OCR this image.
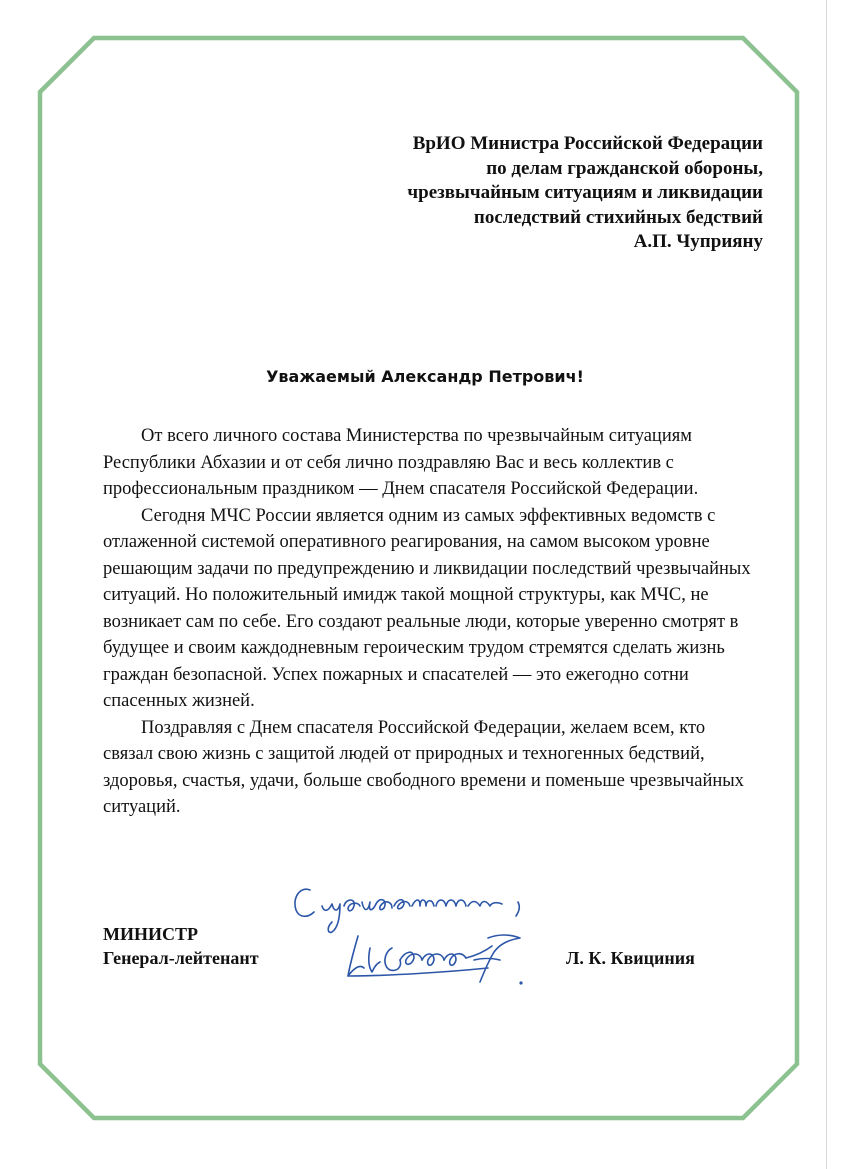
ВрИО Министра Российской Федерации
по делам гражданской обороны,
чрезвычайным ситуациям и ликвидации
последствий стихийных бедствий
А.П. Чуприяну
Уважаемый Александр Петрович!

От всего личного состава Министерства по чрезвычайным ситуациям

Республики Абхазии и от себя лично поздравляю Вас и весь коллектив с

профессиональным праздником — Днем спасателя Российской Федерации.

Сегодня МЧС России является одним из самых эффективных ведомств с

отлаженной системой оперативного реагирования, на самом высоком уровне

решающим задачи по предупреждению и ликвидации последствий чрезвычайных

ситуаций. Но положительный имидж такой мощной структуры, как МЧС, не

возникает сам по себе. Его создают реальные люди, которые уверенно смотрят в

будущее и своим каждодневным героическим трудом стремятся сделать жизнь

граждан безопасной. Успех пожарных и спасателей — это ежегодно сотни

спасенных жизней.

Поздравляя с Днем спасателя Российской Федерации, желаем всем, кто

связал свою жизнь с защитой людей от природных и техногенных бедствий,

здоровья, счастья, удачи, больше свободного времени и поменьше чрезвычайных

ситуаций.

МИНИСТР
Генерал-лейтенант	Л. К. Квициния
